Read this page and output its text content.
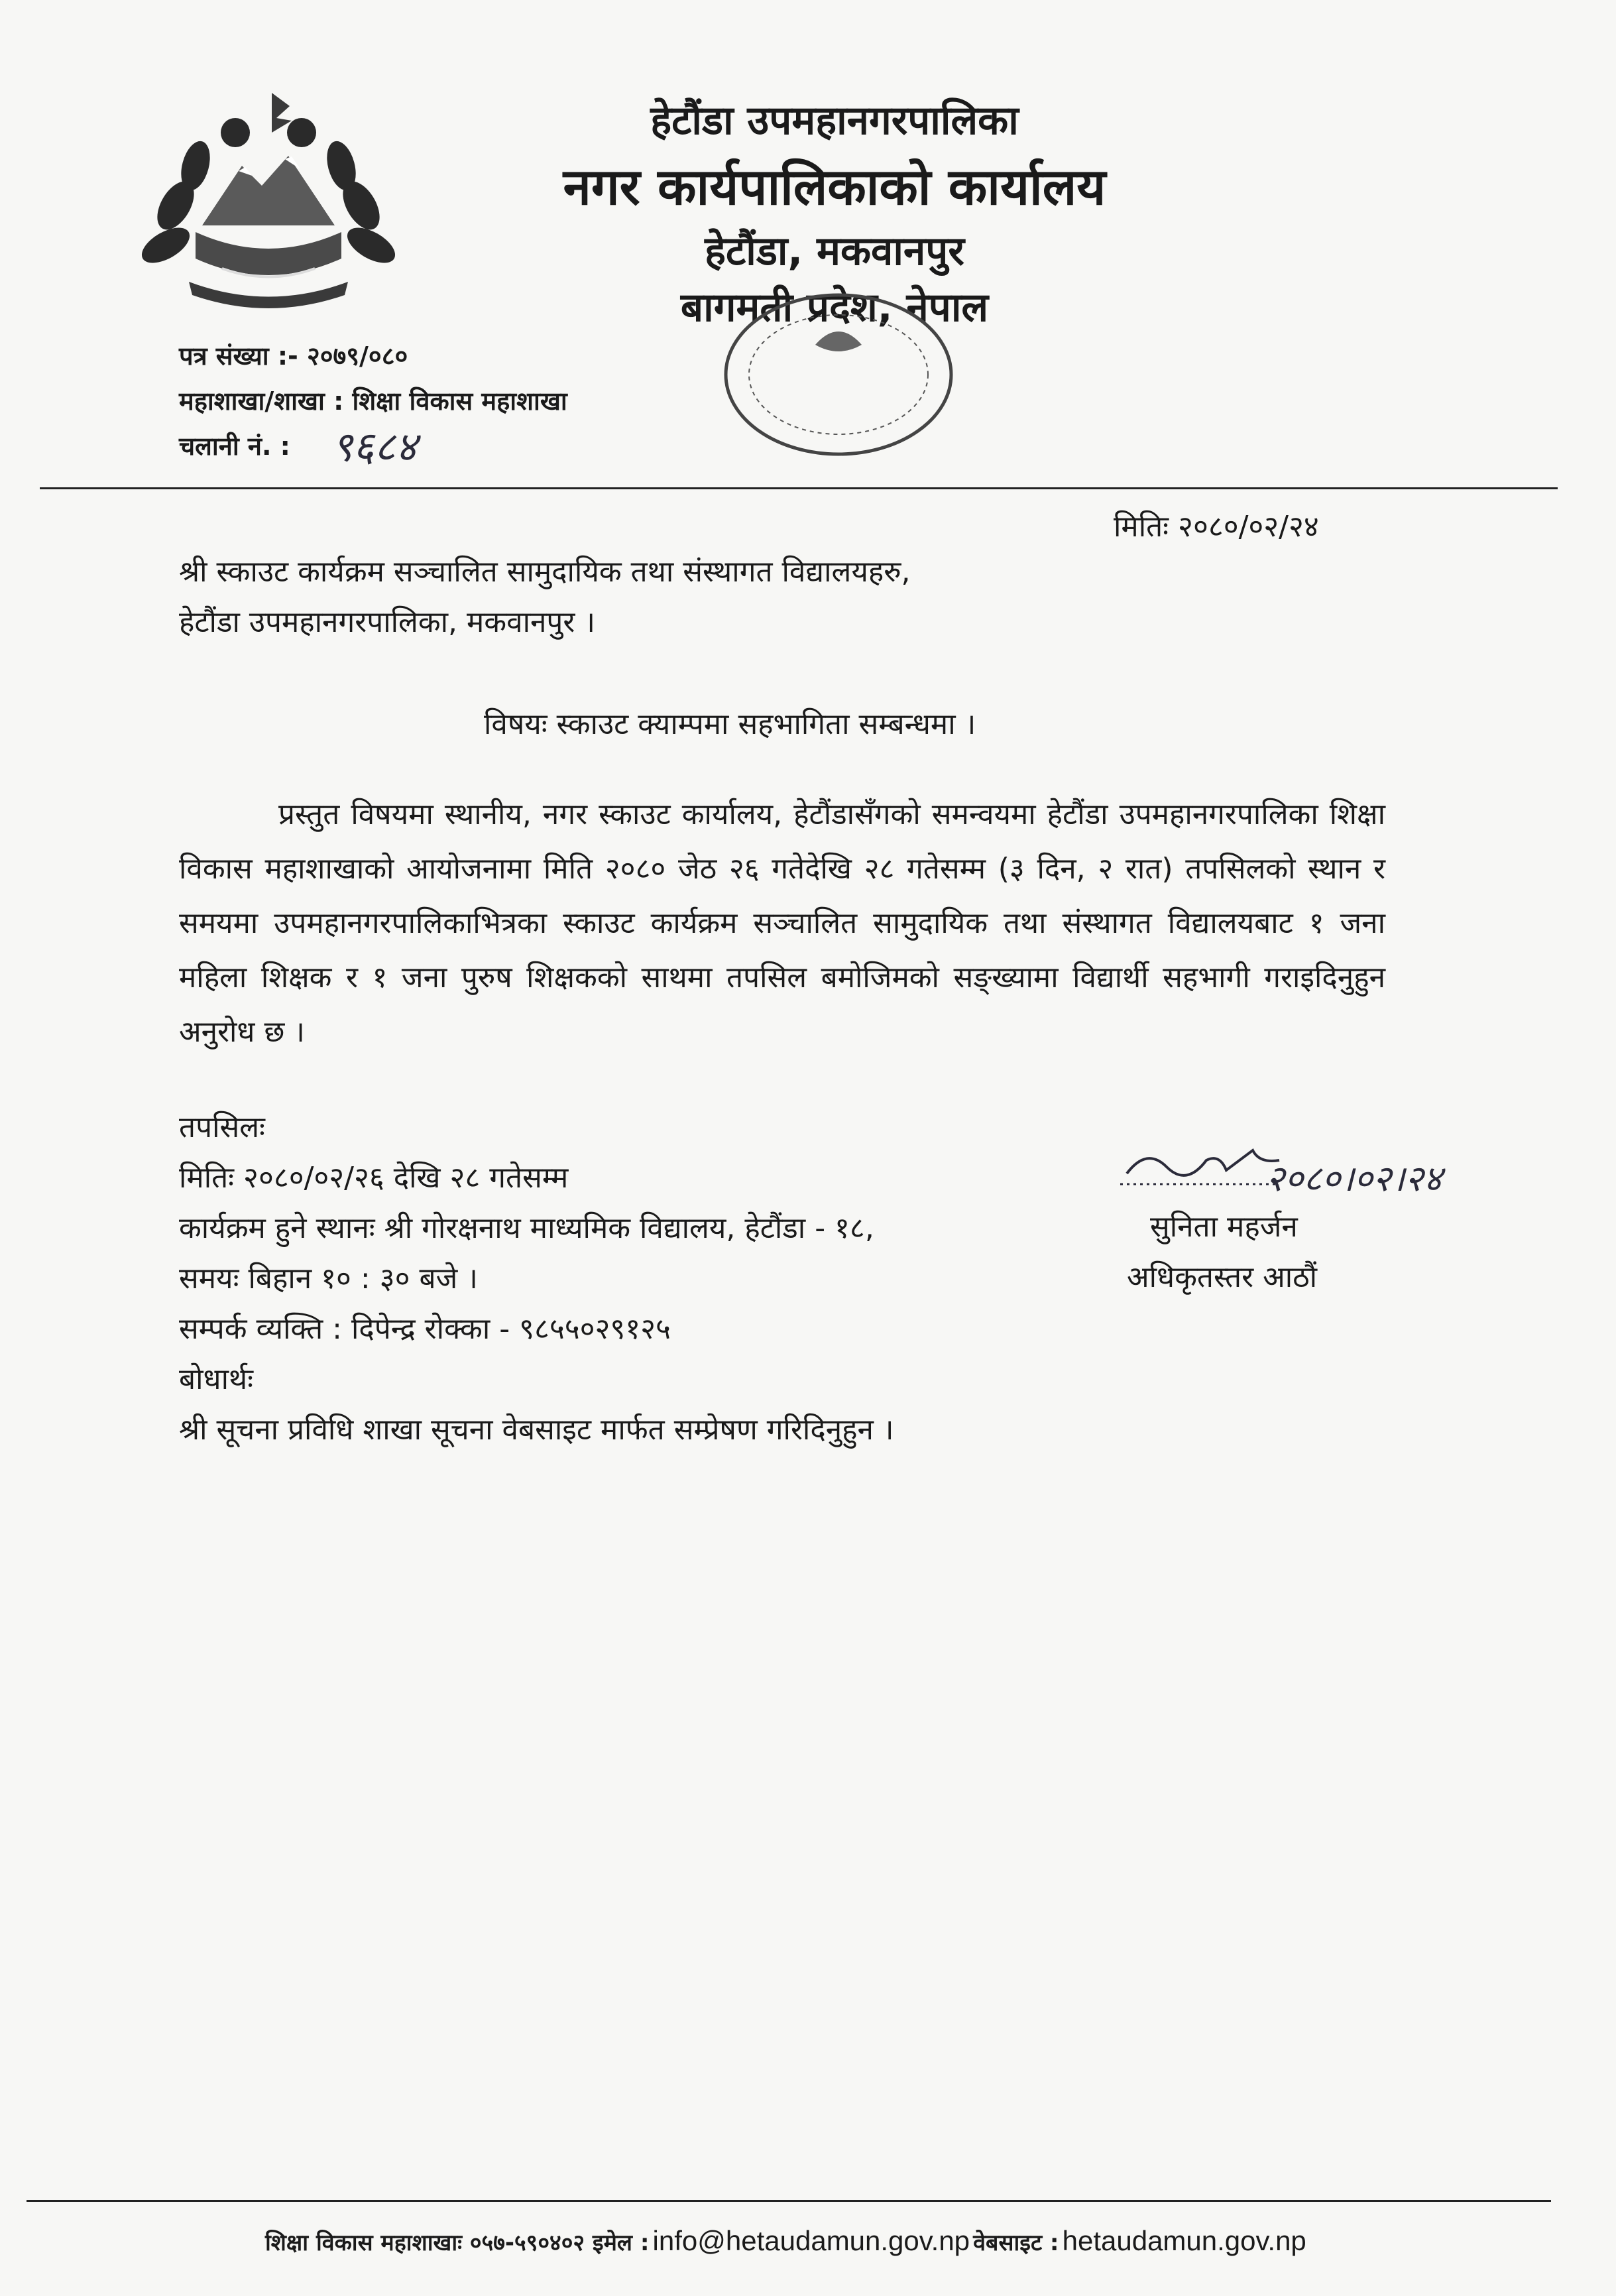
हेटौंडा उपमहानगरपालिका
नगर कार्यपालिकाको कार्यालय
हेटौंडा, मकवानपुर
बागमती प्रदेश, नेपाल
पत्र संख्या :- २०७९/०८०
महाशाखा/शाखा : शिक्षा विकास महाशाखा
चलानी नं. : ९६८४
मितिः २०८०/०२/२४
श्री स्काउट कार्यक्रम सञ्चालित सामुदायिक तथा संस्थागत विद्यालयहरु,
हेटौंडा उपमहानगरपालिका, मकवानपुर ।
विषयः स्काउट क्याम्पमा सहभागिता सम्बन्धमा ।
प्रस्तुत विषयमा स्थानीय, नगर स्काउट कार्यालय, हेटौंडासँगको समन्वयमा हेटौंडा उपमहानगरपालिका शिक्षा विकास महाशाखाको आयोजनामा मिति २०८० जेठ २६ गतेदेखि २८ गतेसम्म (३ दिन, २ रात) तपसिलको स्थान र समयमा उपमहानगरपालिकाभित्रका स्काउट कार्यक्रम सञ्चालित सामुदायिक तथा संस्थागत विद्यालयबाट १ जना महिला शिक्षक र १ जना पुरुष शिक्षकको साथमा तपसिल बमोजिमको सङ्ख्यामा विद्यार्थी सहभागी गराइदिनुहुन अनुरोध छ ।
तपसिलः
मितिः २०८०/०२/२६ देखि २८ गतेसम्म
कार्यक्रम हुने स्थानः श्री गोरक्षनाथ माध्यमिक विद्यालय, हेटौंडा - १८,
समयः बिहान १० : ३० बजे ।
सम्पर्क व्यक्ति : दिपेन्द्र रोक्का - ९८५५०२९१२५
बोधार्थः
श्री सूचना प्रविधि शाखा सूचना वेबसाइट मार्फत सम्प्रेषण गरिदिनुहुन ।
२०८०।०२।२४
सुनिता महर्जन
अधिकृतस्तर आठौं
शिक्षा विकास महाशाखाः ०५७-५९०४०२ इमेल : info@hetaudamun.gov.np वेबसाइट : hetaudamun.gov.np
